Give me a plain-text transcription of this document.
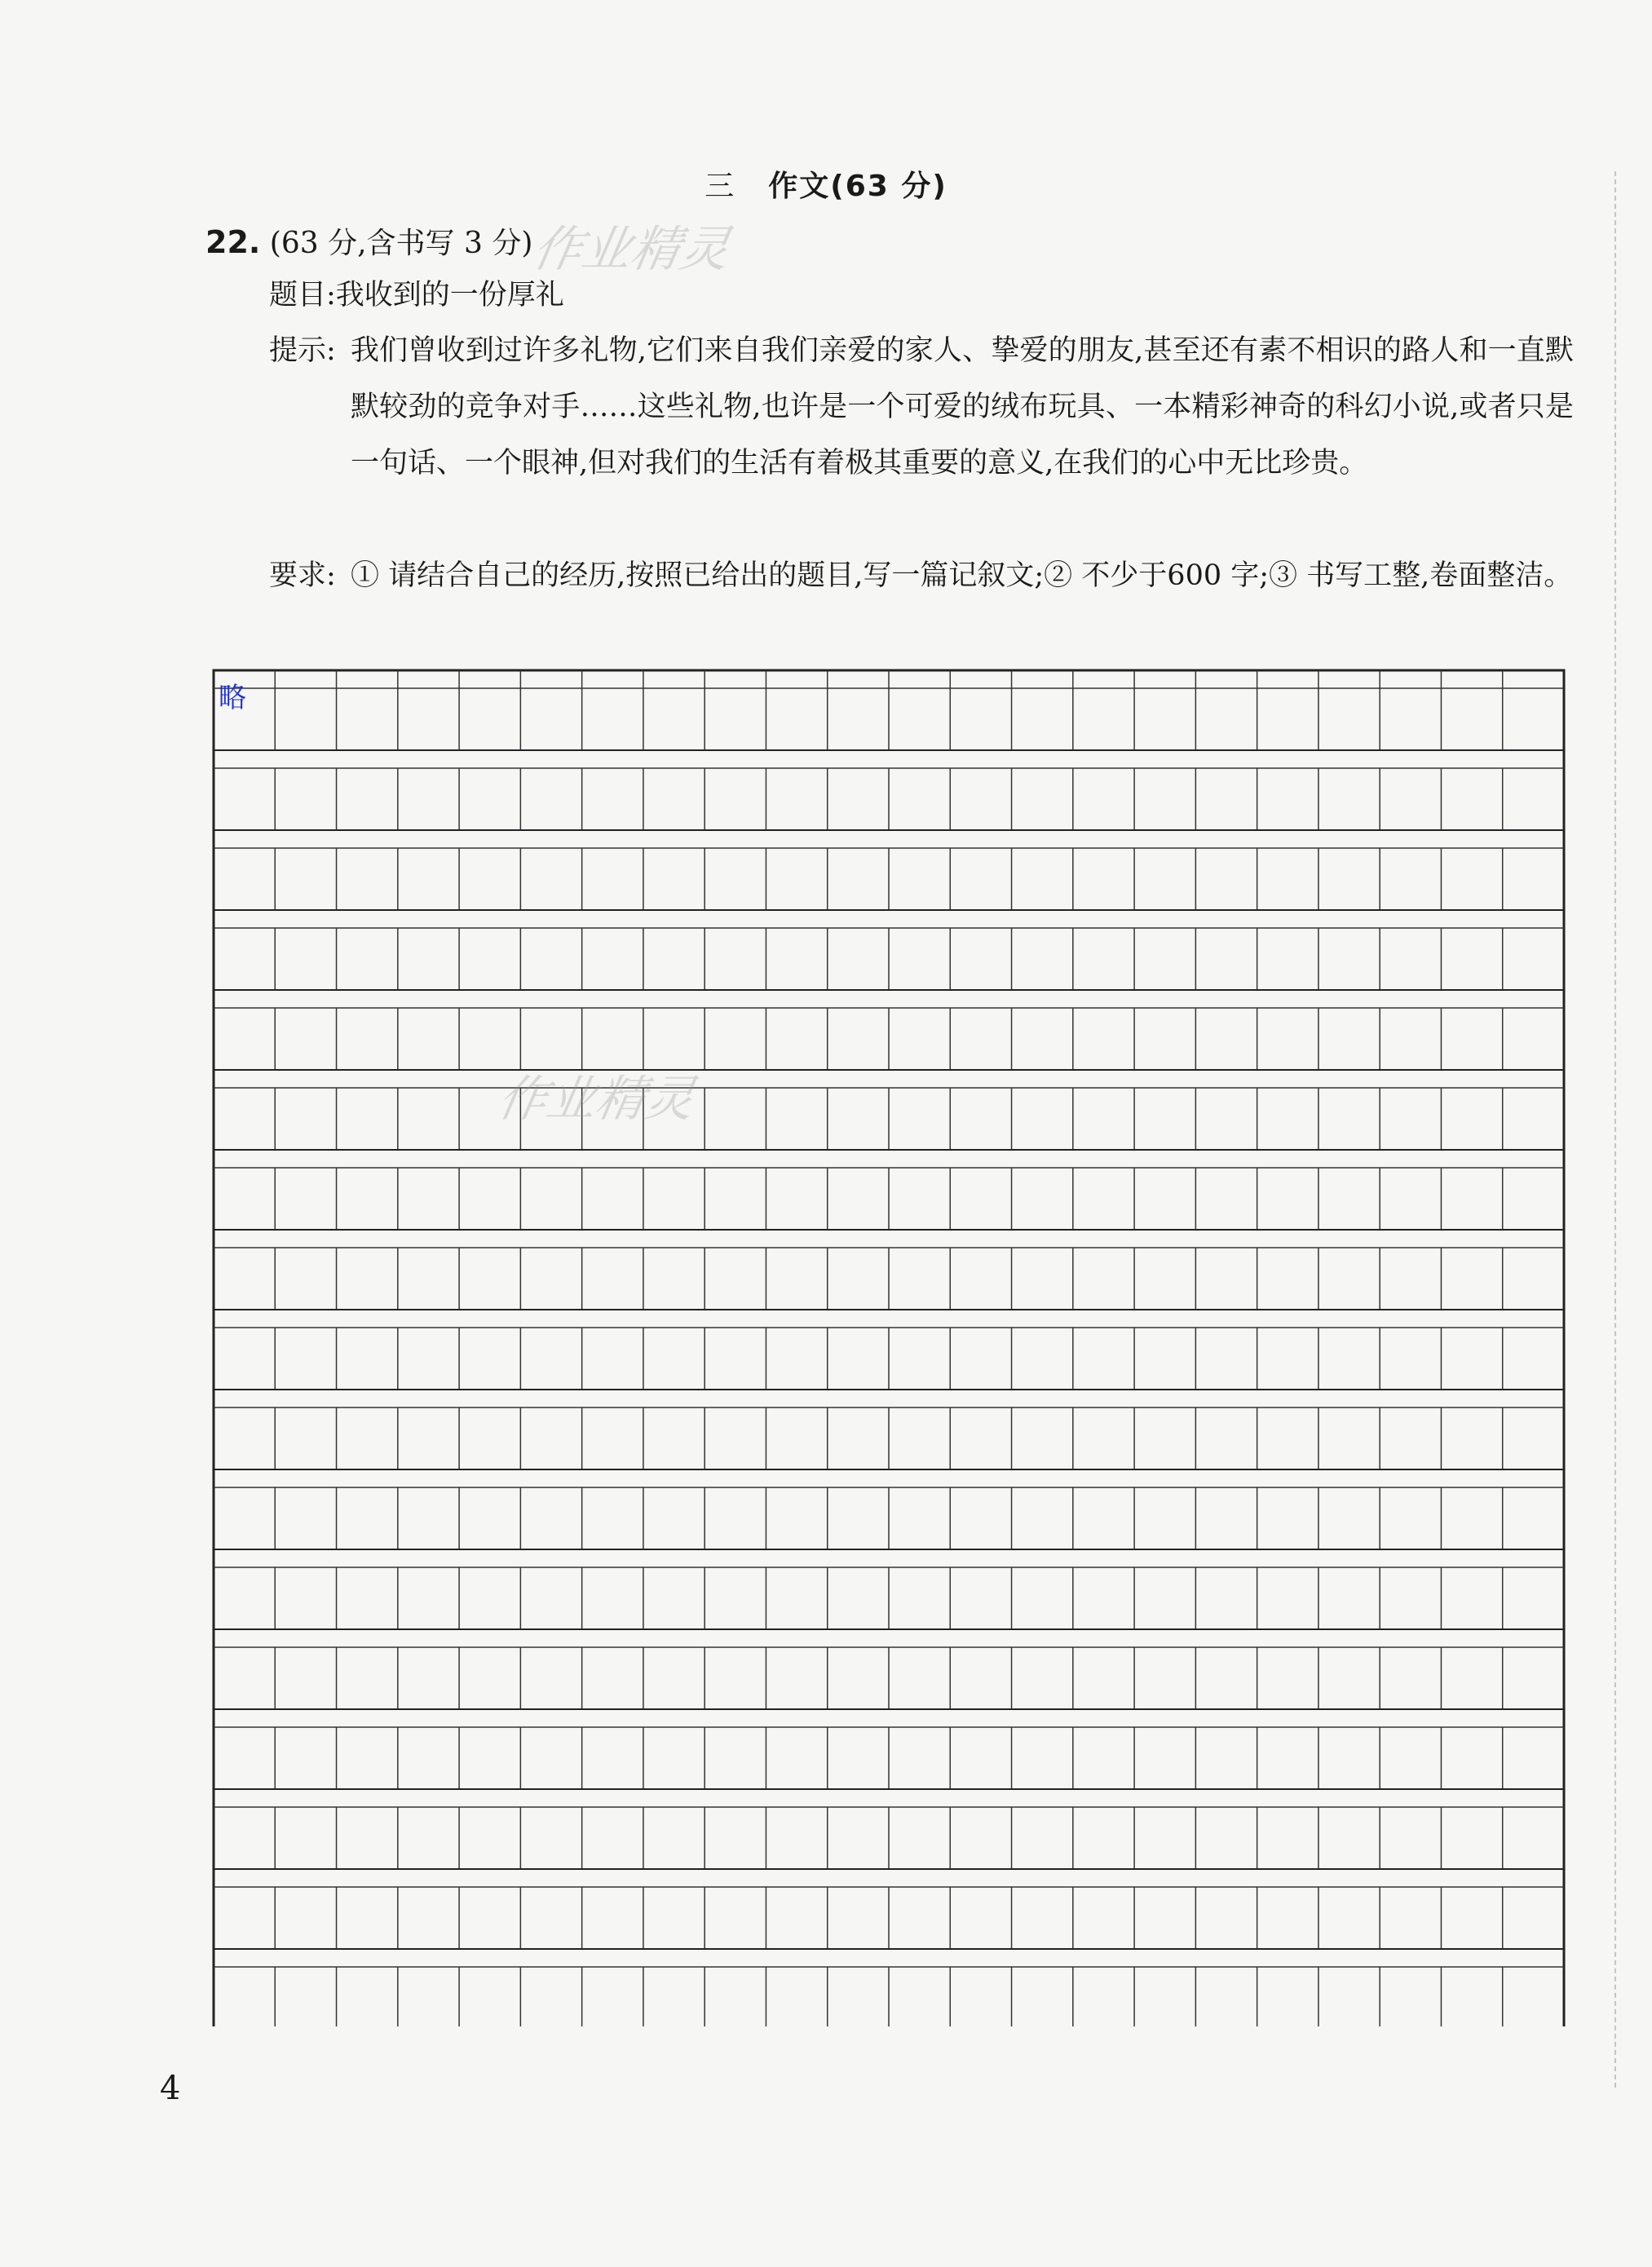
三 作文(63 分)
22. (63 分,含书写 3 分)
题目:我收到的一份厚礼
提示: 我们曾收到过许多礼物,它们来自我们亲爱的家人、挚爱的朋友,甚至还有素不相识的路人和一直默默较劲的竞争对手……这些礼物,也许是一个可爱的绒布玩具、一本精彩神奇的科幻小说,或者只是一句话、一个眼神,但对我们的生活有着极其重要的意义,在我们的心中无比珍贵。
要求: ① 请结合自己的经历,按照已给出的题目,写一篇记叙文;② 不少于600 字;③ 书写工整,卷面整洁。
略
作业精灵
作业精灵
4
